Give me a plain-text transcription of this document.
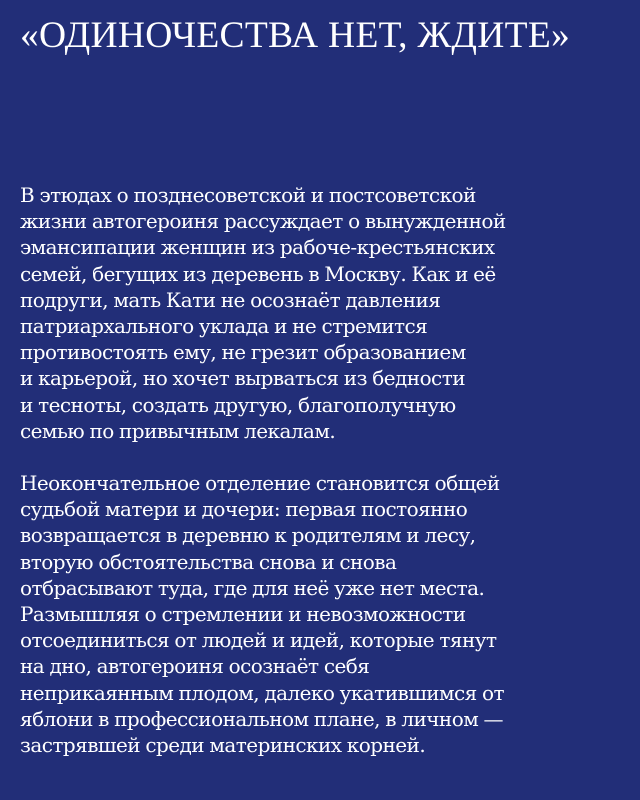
«ОДИНОЧЕСТВА НЕТ, ЖДИТЕ»

В этюдах о позднесоветской и постсоветской
жизни автогероиня рассуждает о вынужденной
эмансипации женщин из рабоче-крестьянских
семей, бегущих из деревень в Москву. Как и её
подруги, мать Кати не осознаёт давления
патриархального уклада и не стремится
противостоять ему, не грезит образованием
и карьерой, но хочет вырваться из бедности
и тесноты, создать другую, благополучную
семью по привычным лекалам.

Неокончательное отделение становится общей
судьбой матери и дочери: первая постоянно
возвращается в деревню к родителям и лесу,
вторую обстоятельства снова и снова
отбрасывают туда, где для неё уже нет места.
Размышляя о стремлении и невозможности
отсоединиться от людей и идей, которые тянут
на дно, автогероиня осознаёт себя
неприкаянным плодом, далеко укатившимся от
яблони в профессиональном плане, в личном —
застрявшей среди материнских корней.
